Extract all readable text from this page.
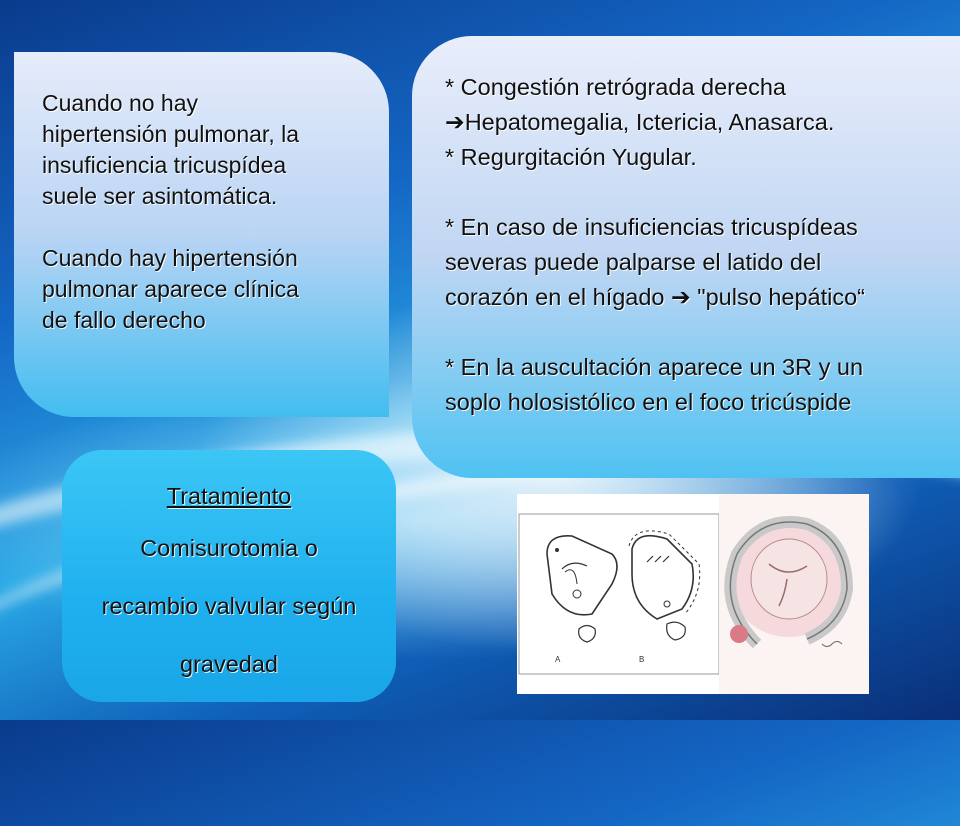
Cuando no hay
hipertensión pulmonar, la
insuficiencia tricuspídea
suele ser asintomática.

Cuando hay hipertensión
pulmonar aparece clínica
de fallo derecho
* Congestión retrógrada derecha
➔Hepatomegalia, Ictericia, Anasarca.
* Regurgitación Yugular.
* En caso de insuficiencias tricuspídeas
severas puede palparse el latido del
corazón en el hígado ➔ "pulso hepático“
* En la auscultación aparece un 3R y un
soplo holosistólico en el foco tricúspide
Tratamiento
Comisurotomia o
recambio valvular según
gravedad	A	B
